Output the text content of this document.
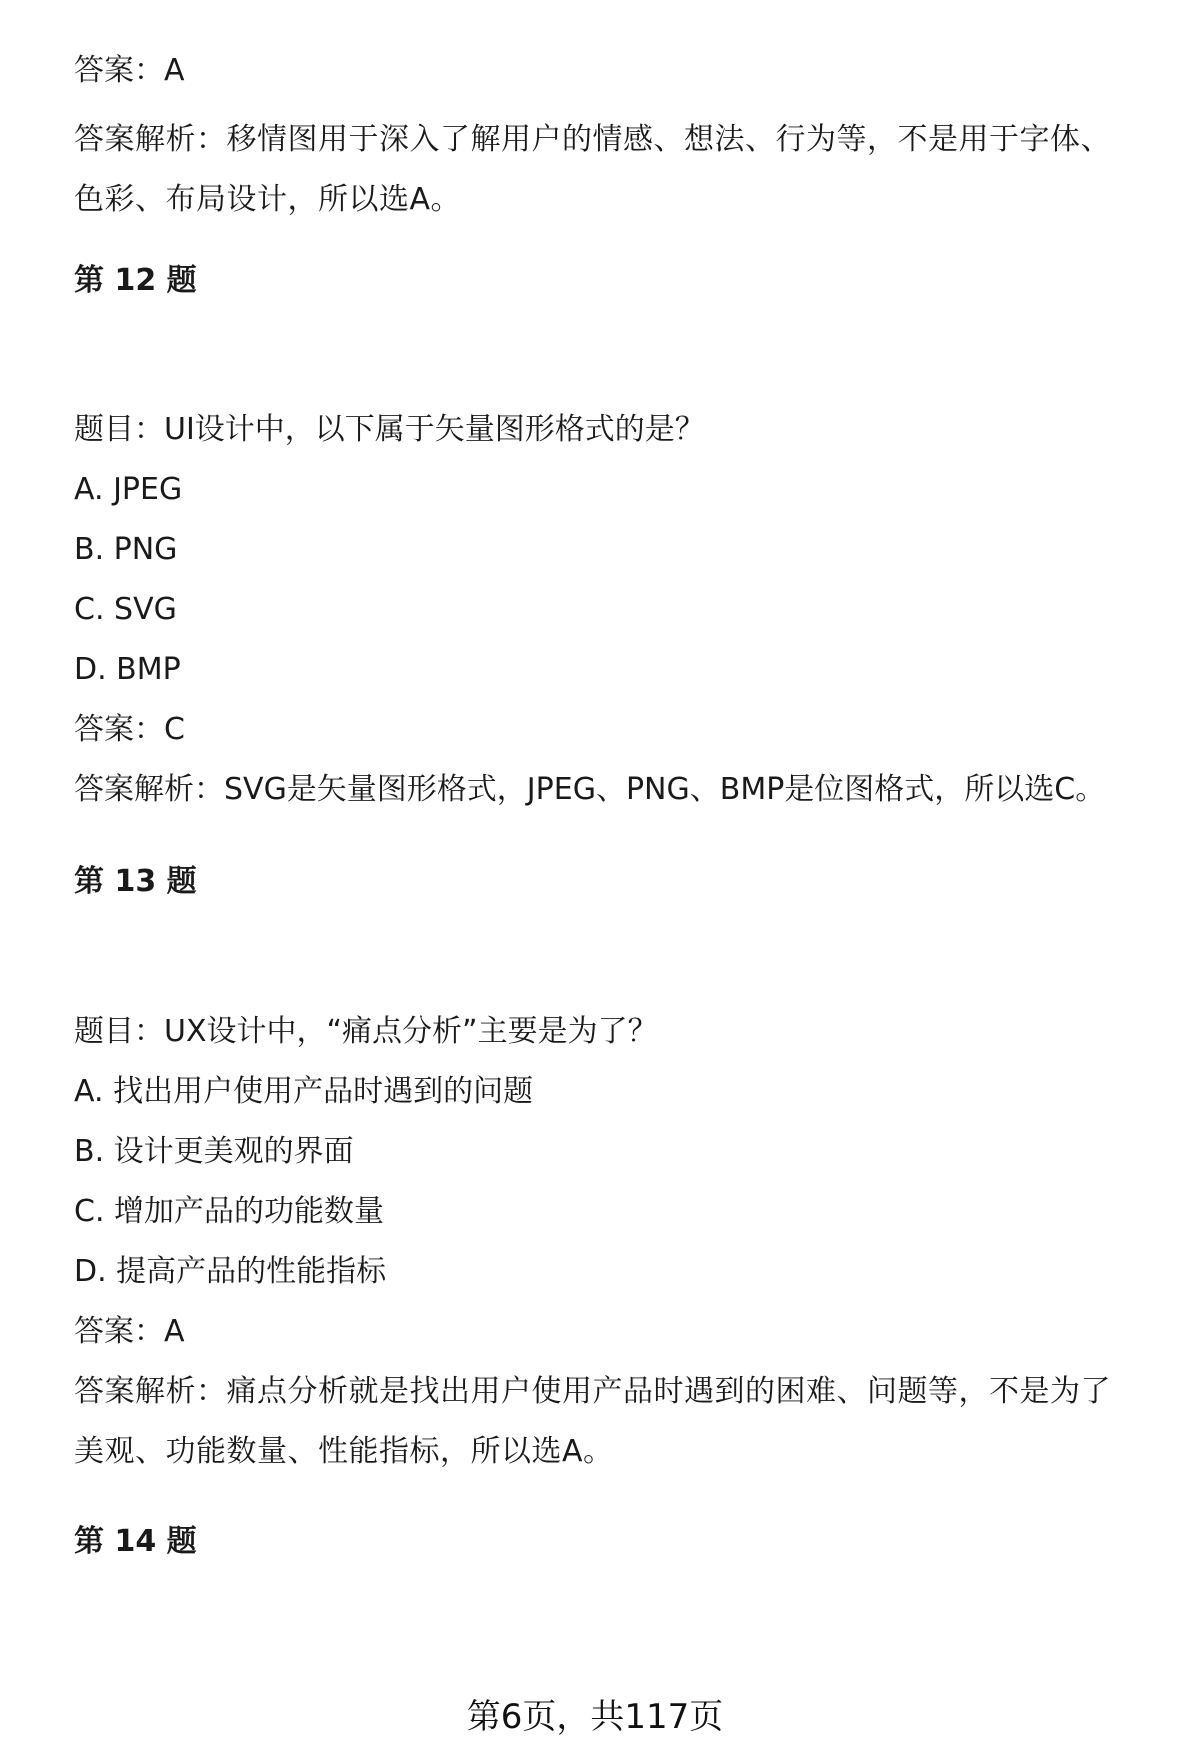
答案：A
答案解析：移情图用于深入了解用户的情感、想法、行为等，不是用于字体、色彩、布局设计，所以选A。
第 12 题
题目：UI设计中，以下属于矢量图形格式的是？
A. JPEG
B. PNG
C. SVG
D. BMP
答案：C
答案解析：SVG是矢量图形格式，JPEG、PNG、BMP是位图格式，所以选C。
第 13 题
题目：UX设计中，“痛点分析”主要是为了？
A. 找出用户使用产品时遇到的问题
B. 设计更美观的界面
C. 增加产品的功能数量
D. 提高产品的性能指标
答案：A
答案解析：痛点分析就是找出用户使用产品时遇到的困难、问题等，不是为了美观、功能数量、性能指标，所以选A。
第 14 题
第6页，共117页
